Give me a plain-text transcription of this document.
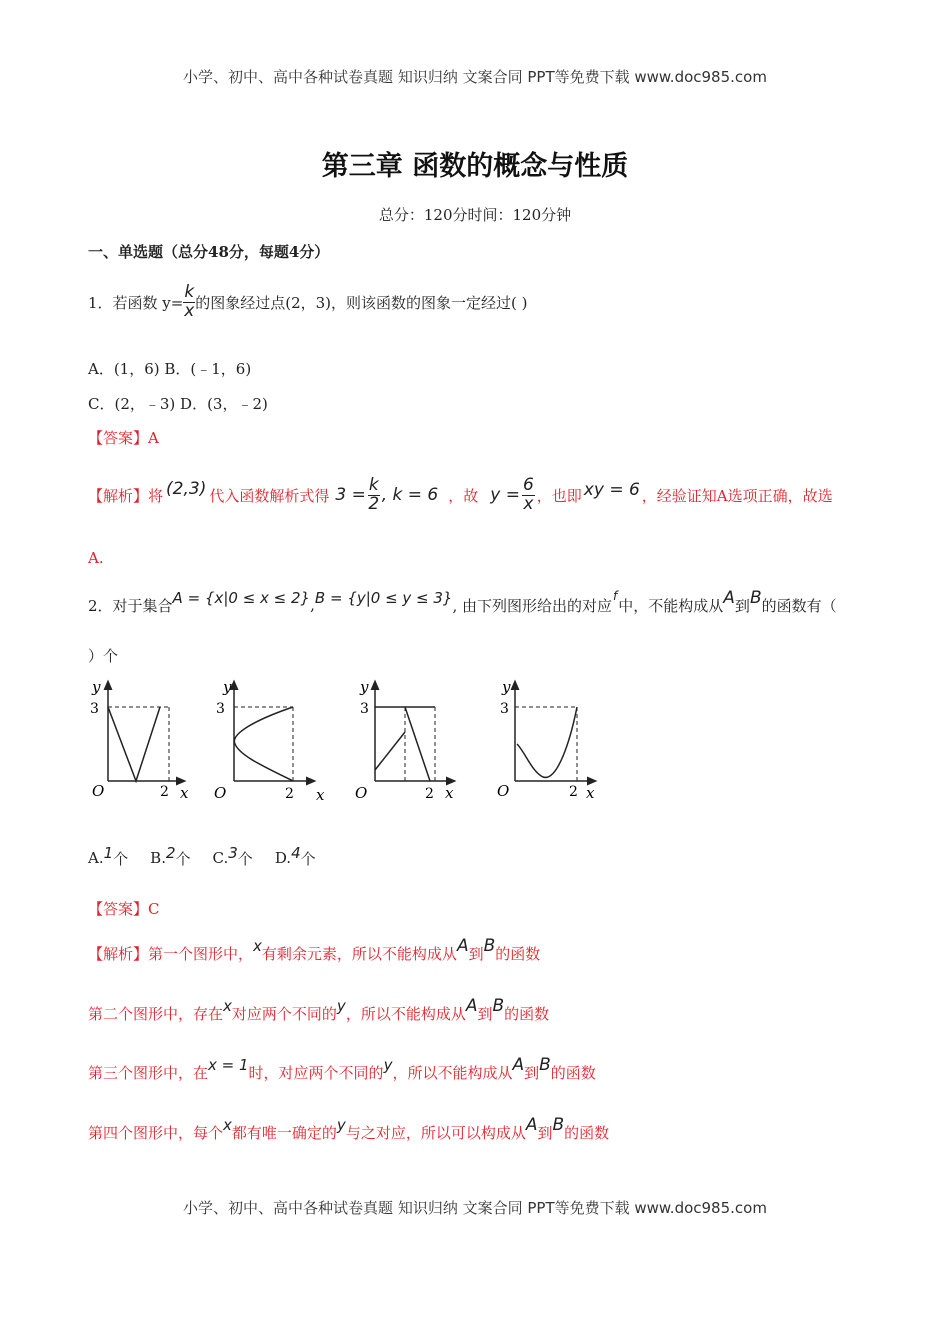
小学、初中、高中各种试卷真题 知识归纳 文案合同 PPT等免费下载 www.doc985.com
第三章 函数的概念与性质
总分：120分时间：120分钟
一、单选题（总分48分，每题4分）
1．若函数 $y= \frac{k}{x}$ 的图象经过点(2，3)，则该函数的图象一定经过( )
A．(1，6) B．(﹣1，6)
C．(2，﹣3) D．(3，﹣2)
【答案】A
【解析】 将 (2,3) 代入函数解析式得 $3 = \frac{k}{2}$ , k = 6 ，故 $y = \frac{6}{x}$ ，也即 xy = 6 ，经验证知A选项正确，故选
A.
2．对于集合 A = {x|0 ≤ x ≤ 2} , B = {y|0 ≤ y ≤ 3} , 由下列图形给出的对应
f
中，不能构成从 A 到 B 的函数有（
）个
y
3
O	2 x
y
3
O	2 x
y
3
O	2 x
y
3
O	2 x
A. 1 个 B. 2 个 C. 3 个 D. 4 个
【答案】C
【解析】 第一个图形中， x 有剩余元素，所以不能构成从 A 到 B 的函数
第二个图形中，存在 x 对应两个不同的 y ，所以不能构成从 A 到 B 的函数
第三个图形中，在 x = 1 时，对应两个不同的 y ，所以不能构成从 A 到 B 的函数
第四个图形中，每个 x 都有唯一确定的 y 与之对应，所以可以构成从 A 到 B 的函数
小学、初中、高中各种试卷真题 知识归纳 文案合同 PPT等免费下载 www.doc985.com
